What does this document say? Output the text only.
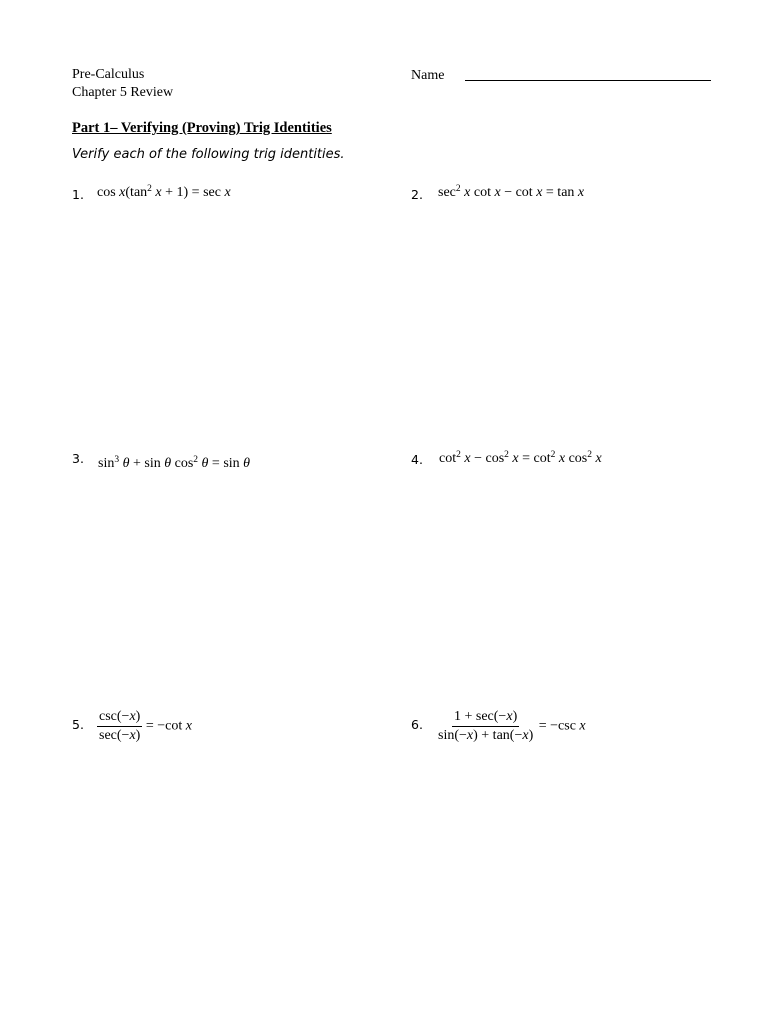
Pre-Calculus
Chapter 5 Review
Name
Part 1– Verifying (Proving) Trig Identities
Verify each of the following trig identities.
1. $\cos x(\tan^2$ x + 1) = sec x	2. $\sec^2 x$ cot x − cot x = tan x
3. $\sin^3 \theta + \sin \theta$ $\cos^2 \theta = \sin \theta$	4. $\cot^2 x - \cos^2 x = \cot^2 x$ $\cos^2 x$
5. $\frac{\csc(-x)}{\sec(-x)} = -\cot$ x	6. $\frac{1 + \sec(-x)}{\sin(-x) + \tan(-x)} = -\csc$ x
